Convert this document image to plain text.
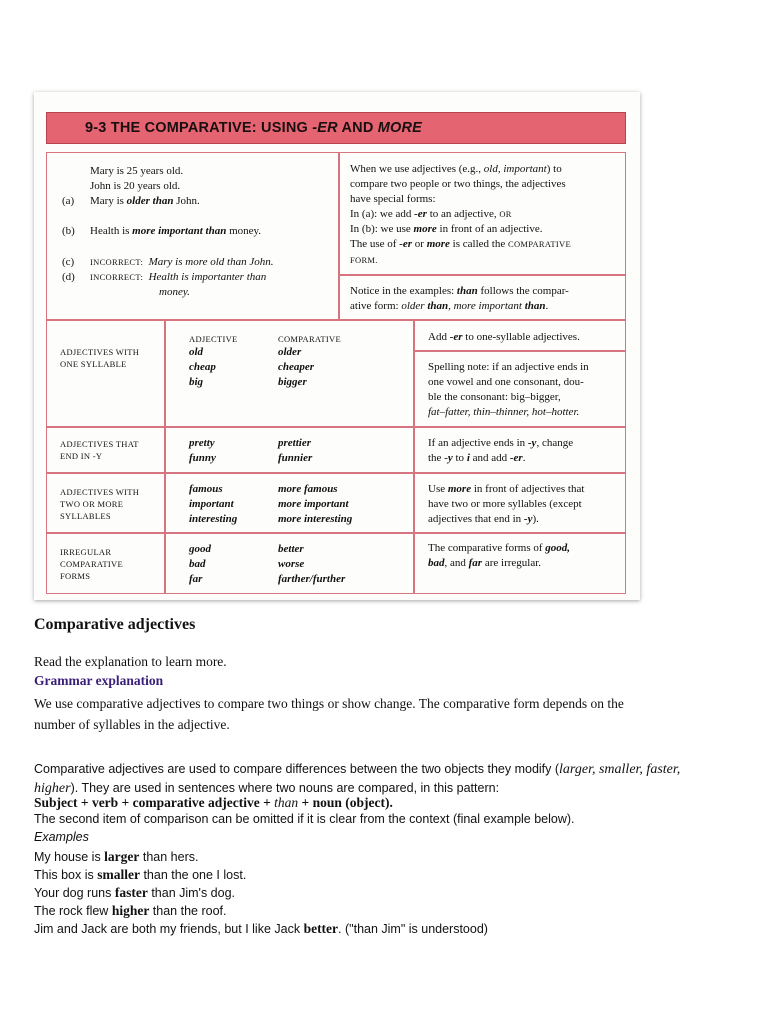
9-3 THE COMPARATIVE: USING -ER AND MORE
Mary is 25 years old.
John is 20 years old.
(a) Mary is older than John.
(b) Health is more important than money.
(c) INCORRECT: Mary is more old than John.
(d) INCORRECT: Health is importanter than
money.
When we use adjectives (e.g., old, important) to
compare two people or two things, the adjectives
have special forms:
In (a): we add -er to an adjective, OR
In (b): we use more in front of an adjective.
The use of -er or more is called the COMPARATIVE
FORM.
Notice in the examples: than follows the compar-
ative form: older than, more important than.
ADJECTIVE	COMPARATIVE
ADJECTIVES WITH
ONE SYLLABLE
old
cheap
big
older
cheaper
bigger
Add -er to one-syllable adjectives.
Spelling note: if an adjective ends in
one vowel and one consonant, dou-
ble the consonant: big–bigger,
fat–fatter, thin–thinner, hot–hotter.
ADJECTIVES THAT
END IN -Y
pretty
funny
prettier
funnier
If an adjective ends in -y, change
the -y to i and add -er.
ADJECTIVES WITH
TWO OR MORE
SYLLABLES
famous
important
interesting
more famous
more important
more interesting
Use more in front of adjectives that
have two or more syllables (except
adjectives that end in -y).
IRREGULAR
COMPARATIVE
FORMS
good
bad
far
better
worse
farther/further
The comparative forms of good,
bad, and far are irregular.
Comparative adjectives
Read the explanation to learn more.
Grammar explanation
We use comparative adjectives to compare two things or show change. The comparative form depends on the
number of syllables in the adjective.
Comparative adjectives are used to compare differences between the two objects they modify (larger, smaller, faster,
higher). They are used in sentences where two nouns are compared, in this pattern:
Subject + verb + comparative adjective + than + noun (object).
The second item of comparison can be omitted if it is clear from the context (final example below).
Examples
My house is larger than hers.
This box is smaller than the one I lost.
Your dog runs faster than Jim's dog.
The rock flew higher than the roof.
Jim and Jack are both my friends, but I like Jack better. ("than Jim" is understood)
